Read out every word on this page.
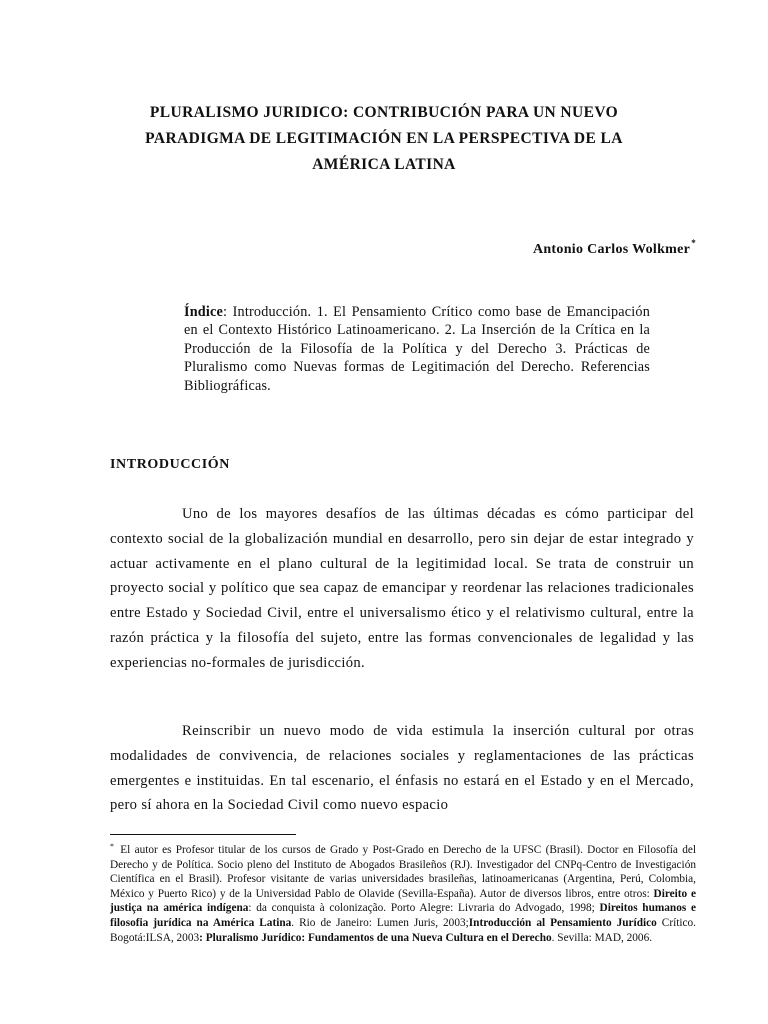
PLURALISMO JURIDICO: CONTRIBUCIÓN PARA UN NUEVO
PARADIGMA DE LEGITIMACIÓN EN LA PERSPECTIVA DE LA
AMÉRICA LATINA
Antonio Carlos Wolkmer*
Índice: Introducción. 1. El Pensamiento Crítico como base de Emancipación en el Contexto Histórico Latinoamericano. 2. La Inserción de la Crítica en la Producción de la Filosofía de la Política y del Derecho 3. Prácticas de Pluralismo como Nuevas formas de Legitimación del Derecho. Referencias Bibliográficas.
INTRODUCCIÓN

Uno de los mayores desafíos de las últimas décadas es cómo participar del contexto social de la globalización mundial en desarrollo, pero sin dejar de estar integrado y actuar activamente en el plano cultural de la legitimidad local. Se trata de construir un proyecto social y político que sea capaz de emancipar y reordenar las relaciones tradicionales entre Estado y Sociedad Civil, entre el universalismo ético y el relativismo cultural, entre la razón práctica y la filosofía del sujeto, entre las formas convencionales de legalidad y las experiencias no-formales de jurisdicción.

Reinscribir un nuevo modo de vida estimula la inserción cultural por otras modalidades de convivencia, de relaciones sociales y reglamentaciones de las prácticas emergentes e instituidas. En tal escenario, el énfasis no estará en el Estado y en el Mercado, pero sí ahora en la Sociedad Civil como nuevo espacio

* El autor es Profesor titular de los cursos de Grado y Post-Grado en Derecho de la UFSC (Brasil). Doctor en Filosofía del Derecho y de Política. Socio pleno del Instituto de Abogados Brasileños (RJ). Investigador del CNPq-Centro de Investigación Científica en el Brasil). Profesor visitante de varias universidades brasileñas, latinoamericanas (Argentina, Perú, Colombia, México y Puerto Rico) y de la Universidad Pablo de Olavide (Sevilla-España). Autor de diversos libros, entre otros: Direito e justiça na américa indígena: da conquista à colonização. Porto Alegre: Livraria do Advogado, 1998; Direitos humanos e filosofia jurídica na América Latina. Rio de Janeiro: Lumen Juris, 2003;Introducción al Pensamiento Jurídico Crítico. Bogotá:ILSA, 2003: Pluralismo Jurídico: Fundamentos de una Nueva Cultura en el Derecho. Sevilla: MAD, 2006.
